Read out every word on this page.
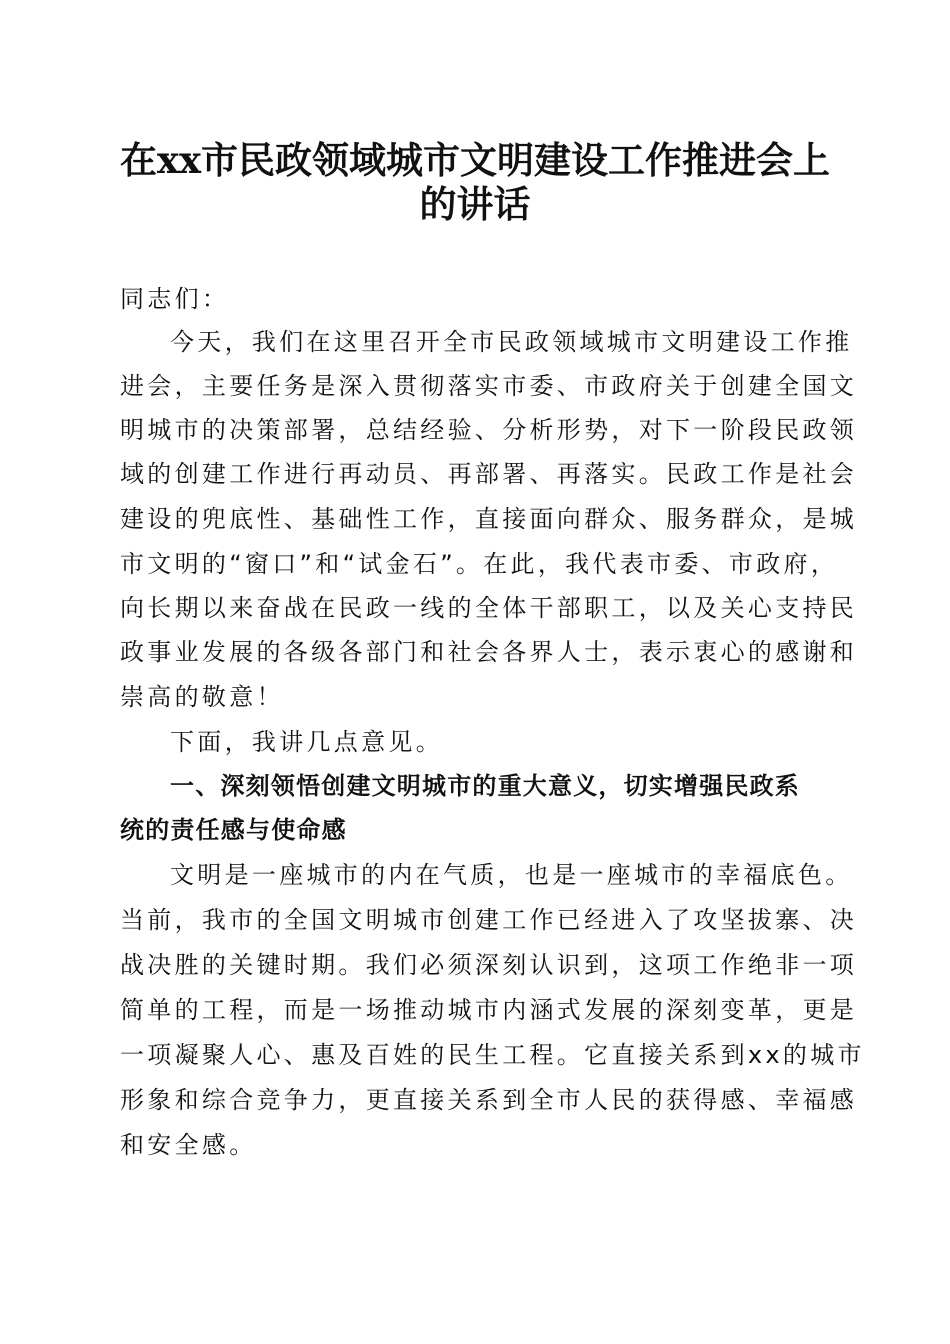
在xx市民政领域城市文明建设工作推进会上
的讲话

同志们：

今天，我们在这里召开全市民政领域城市文明建设工作推

进会，主要任务是深入贯彻落实市委、市政府关于创建全国文

明城市的决策部署，总结经验、分析形势，对下一阶段民政领

域的创建工作进行再动员、再部署、再落实。民政工作是社会

建设的兜底性、基础性工作，直接面向群众、服务群众，是城

市文明的“窗口”和“试金石”。在此，我代表市委、市政府，

向长期以来奋战在民政一线的全体干部职工，以及关心支持民

政事业发展的各级各部门和社会各界人士，表示衷心的感谢和

崇高的敬意！

下面，我讲几点意见。

一、深刻领悟创建文明城市的重大意义，切实增强民政系

统的责任感与使命感

文明是一座城市的内在气质，也是一座城市的幸福底色。

当前，我市的全国文明城市创建工作已经进入了攻坚拔寨、决

战决胜的关键时期。我们必须深刻认识到，这项工作绝非一项

简单的工程，而是一场推动城市内涵式发展的深刻变革，更是

一项凝聚人心、惠及百姓的民生工程。它直接关系到xx的城市

形象和综合竞争力，更直接关系到全市人民的获得感、幸福感

和安全感。
